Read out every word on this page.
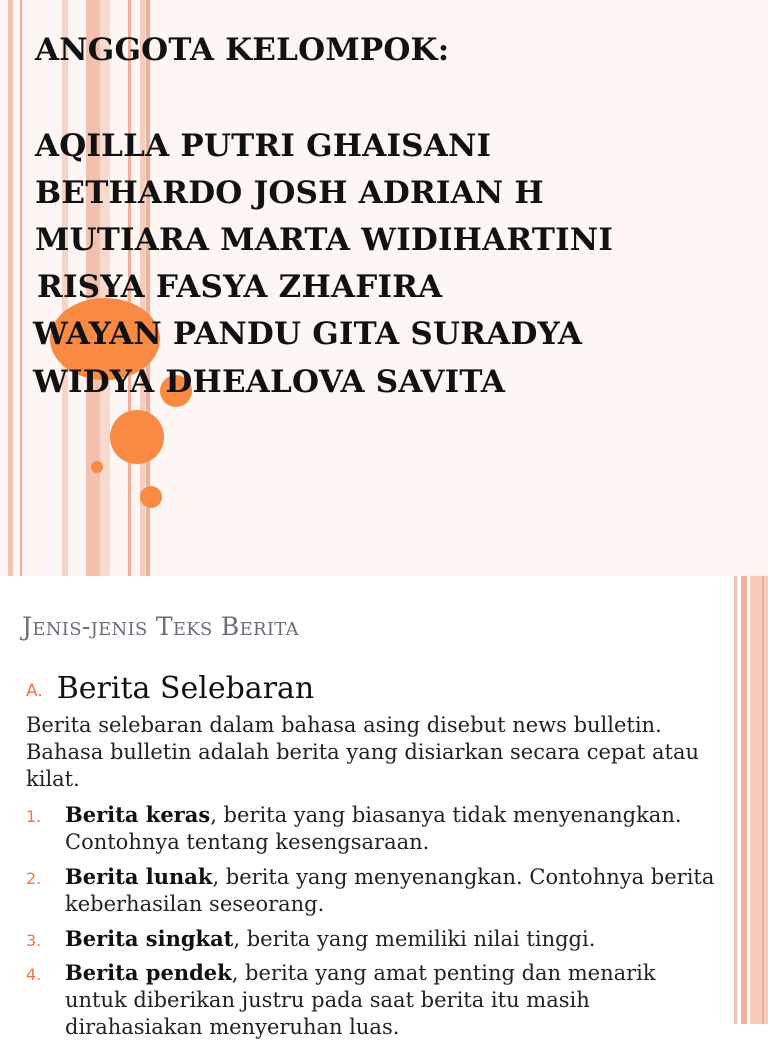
ANGGOTA KELOMPOK:

AQILLA PUTRI GHAISANI

BETHARDO JOSH ADRIAN H

MUTIARA MARTA WIDIHARTINI

RISYA FASYA ZHAFIRA

WAYAN PANDU GITA SURADYA

WIDYA DHEALOVA SAVITA

Jenis-jenis Teks Berita
A. Berita Selebaran

Berita selebaran dalam bahasa asing disebut news bulletin. Bahasa bulletin adalah berita yang disiarkan secara cepat atau kilat.

1. Berita keras, berita yang biasanya tidak menyenangkan. Contohnya tentang kesengsaraan.
2. Berita lunak, berita yang menyenangkan. Contohnya berita keberhasilan seseorang.
3. Berita singkat, berita yang memiliki nilai tinggi.
4. Berita pendek, berita yang amat penting dan menarik untuk diberikan justru pada saat berita itu masih dirahasiakan menyeruhan luas.
